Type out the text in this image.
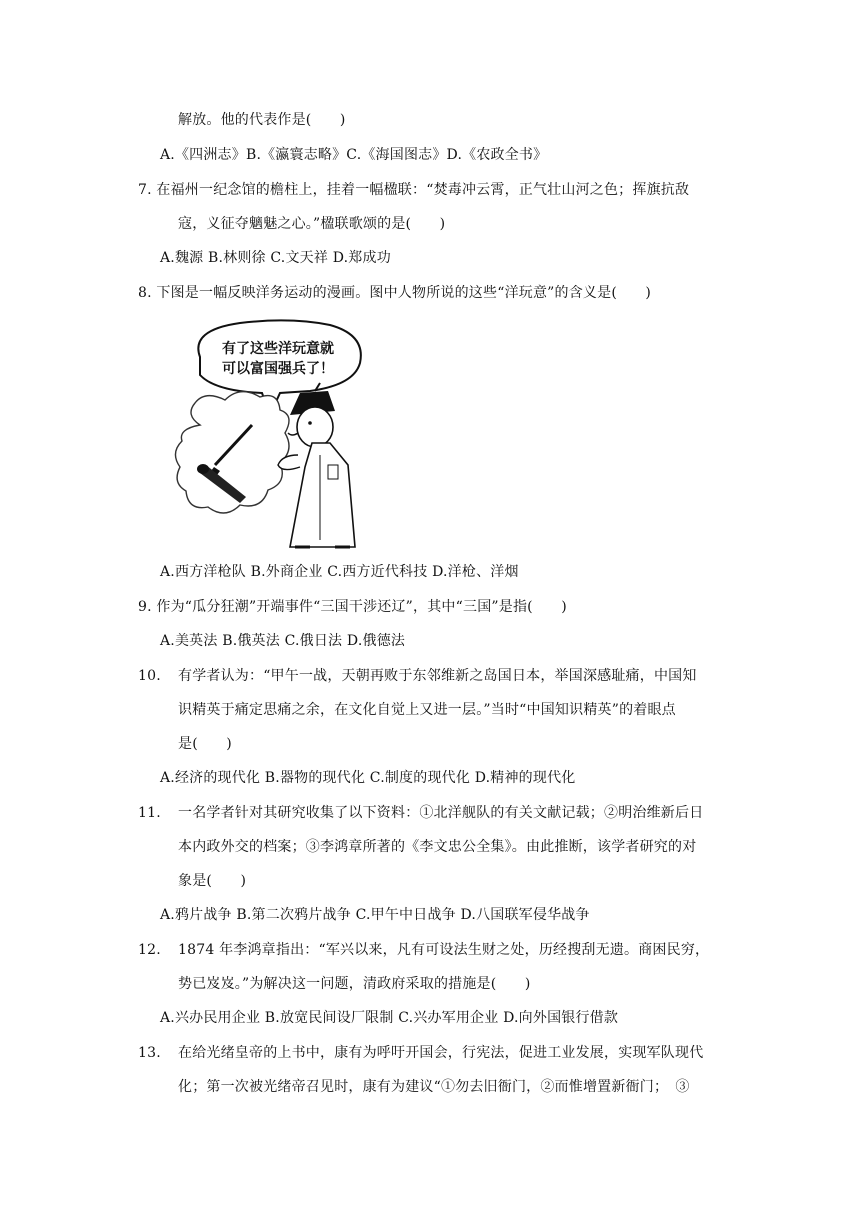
解放。他的代表作是(　　)
A.《四洲志》B.《瀛寰志略》C.《海国图志》D.《农政全书》
7. 在福州一纪念馆的檐柱上，挂着一幅楹联：“焚毒冲云霄，正气壮山河之色；挥旗抗敌
寇，义征夺魑魅之心。”楹联歌颂的是(　　)
A.魏源 B.林则徐 C.文天祥 D.郑成功
8. 下图是一幅反映洋务运动的漫画。图中人物所说的这些“洋玩意”的含义是(　　)
有了这些洋玩意就
可以富国强兵了！
A.西方洋枪队 B.外商企业 C.西方近代科技 D.洋枪、洋烟
9. 作为“瓜分狂潮”开端事件“三国干涉还辽”，其中“三国”是指(　　)
A.美英法 B.俄英法 C.俄日法 D.俄德法
10. 有学者认为：“甲午一战，天朝再败于东邻维新之岛国日本，举国深感耻痛，中国知
识精英于痛定思痛之余，在文化自觉上又进一层。”当时“中国知识精英”的着眼点
是(　　)
A.经济的现代化 B.器物的现代化 C.制度的现代化 D.精神的现代化
11. 一名学者针对其研究收集了以下资料：①北洋舰队的有关文献记载；②明治维新后日
本内政外交的档案；③李鸿章所著的《李文忠公全集》。由此推断，该学者研究的对
象是(　　)
A.鸦片战争 B.第二次鸦片战争 C.甲午中日战争 D.八国联军侵华战争
12. 1874 年李鸿章指出：“军兴以来，凡有可设法生财之处，历经搜刮无遗。商困民穷，
势已岌岌。”为解决这一问题，清政府采取的措施是(　　)
A.兴办民用企业 B.放宽民间设厂限制 C.兴办军用企业 D.向外国银行借款
13. 在给光绪皇帝的上书中，康有为呼吁开国会，行宪法，促进工业发展，实现军队现代
化；第一次被光绪帝召见时，康有为建议“①勿去旧衙门，②而惟增置新衙门；　③
